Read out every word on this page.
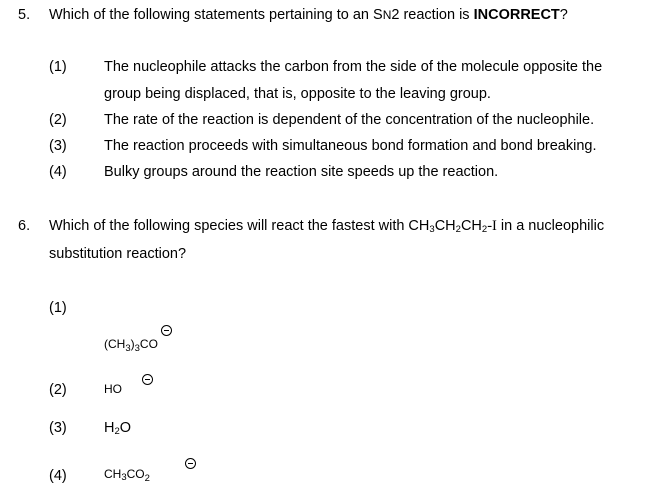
5. Which of the following statements pertaining to an SN2 reaction is INCORRECT?
(1)	The nucleophile attacks the carbon from the side of the molecule opposite the
group being displaced, that is, opposite to the leaving group.
(2)	The rate of the reaction is dependent of the concentration of the nucleophile.
(3)	The reaction proceeds with simultaneous bond formation and bond breaking.
(4)	Bulky groups around the reaction site speeds up the reaction.
6. Which of the following species will react the fastest with CH3CH2CH2-I in a nucleophilic
substitution reaction?
(1)
$(CH_3)_3CO$

(2)	HO

(3)	H2O
(4)	$CH3CO_2$
